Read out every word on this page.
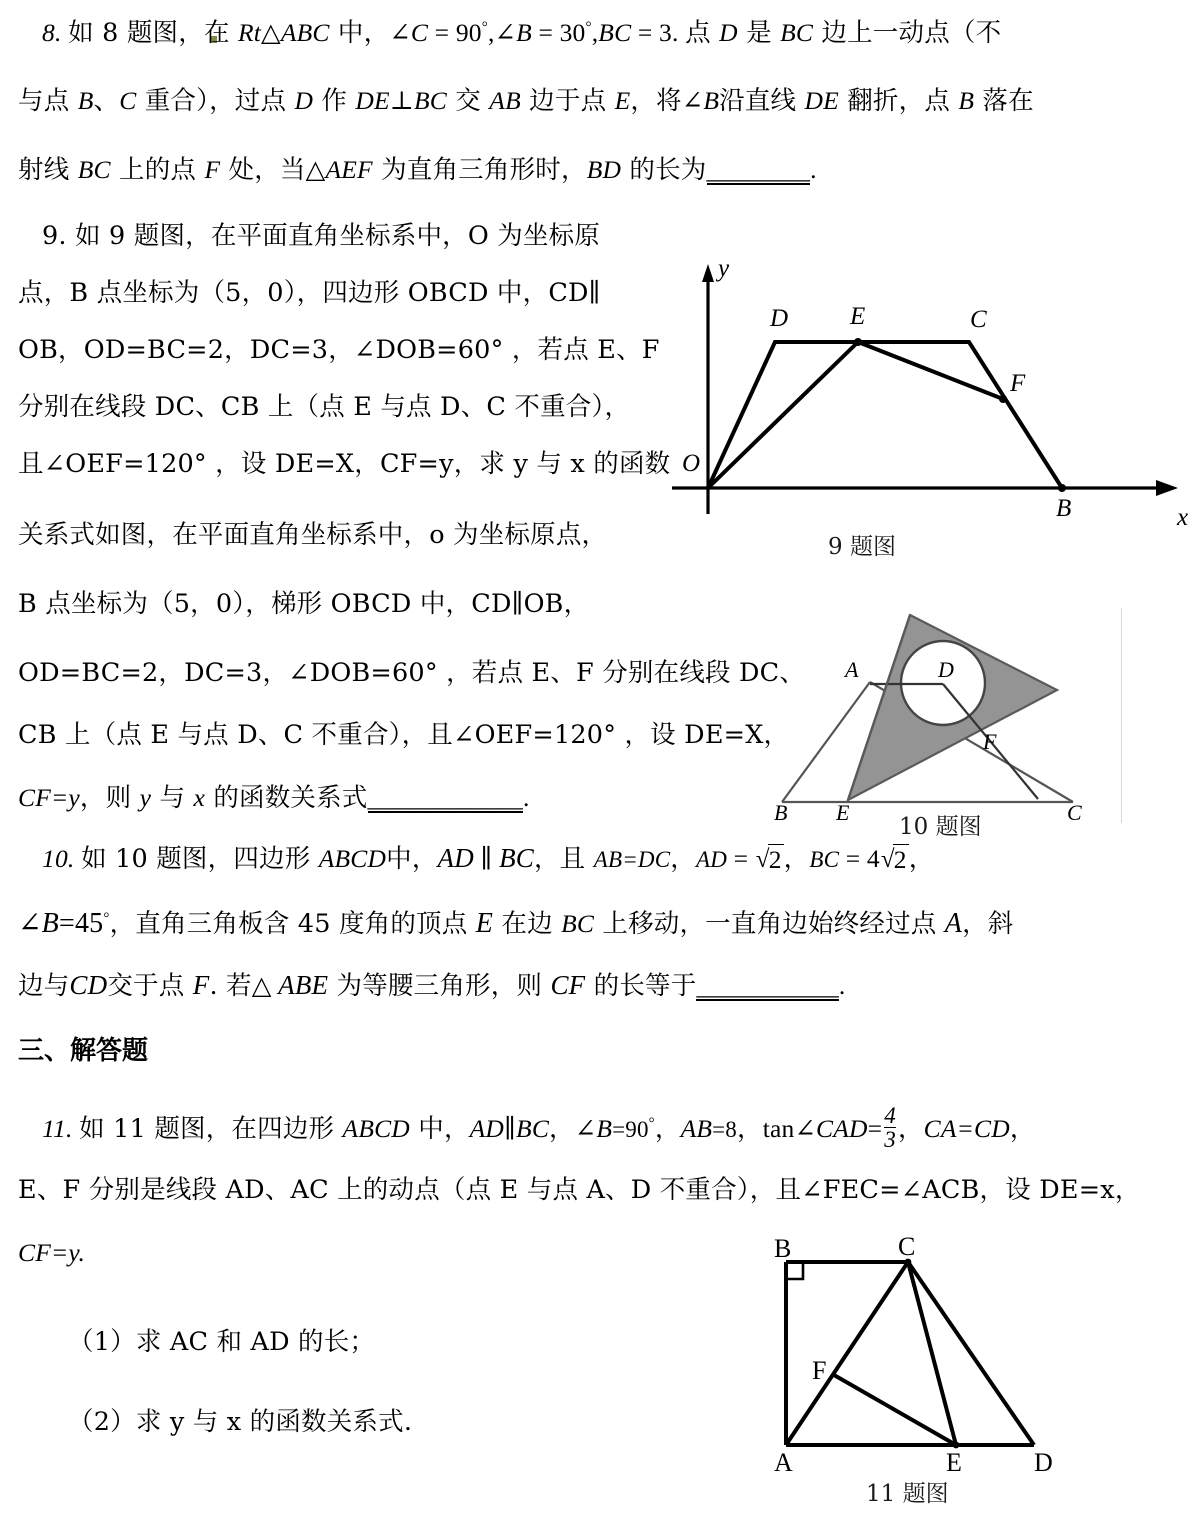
8. 如 8 题图，在 Rt△ABC 中，∠C = 90°,∠B = 30°,BC = 3. 点 D 是 BC 边上一动点（不
与点 B、C 重合），过点 D 作 DE⊥BC 交 AB 边于点 E，将∠B沿直线 DE 翻折，点 B 落在
射线 BC 上的点 F 处，当△AEF 为直角三角形时，BD 的长为________.
9. 如 9 题图，在平面直角坐标系中，O 为坐标原
点，B 点坐标为（5，0），四边形 OBCD 中，CD∥
OB，OD=BC=2，DC=3，∠DOB=60° ，若点 E、F
分别在线段 DC、CB 上（点 E 与点 D、C 不重合），
且∠OEF=120° ，设 DE=X，CF=y，求 y 与 x 的函数
关系式如图，在平面直角坐标系中，o 为坐标原点，
B 点坐标为（5，0），梯形 OBCD 中，CD∥OB，
OD=BC=2，DC=3，∠DOB=60° ，若点 E、F 分别在线段 DC、
CB 上（点 E 与点 D、C 不重合），且∠OEF=120° ，设 DE=X，
CF=y，则 y 与 x 的函数关系式____________.
y
x
O
D E	C
F
B
9 题图
A	D
F
B E	C
10 题图
10. 如 10 题图，四边形 ABCD中，AD ∥ BC，且 AB=DC，AD = √2，BC = 4√2，
∠B=45°，直角三角板含 45 度角的顶点 E 在边 BC 上移动，一直角边始终经过点 A，斜
边与CD交于点 F. 若△ ABE 为等腰三角形，则 CF 的长等于___________.
三、解答题
11. 如 11 题图，在四边形 ABCD 中，AD∥BC，∠B=90°，AB=8，tan∠CAD= $\frac{4}{3}$ ，CA=CD，
E、F 分别是线段 AD、AC 上的动点（点 E 与点 A、D 不重合），且∠FEC=∠ACB，设 DE=x，
CF=y.
（1）求 AC 和 AD 的长；
（2）求 y 与 x 的函数关系式.
B	C
F
A	E	D
11 题图
